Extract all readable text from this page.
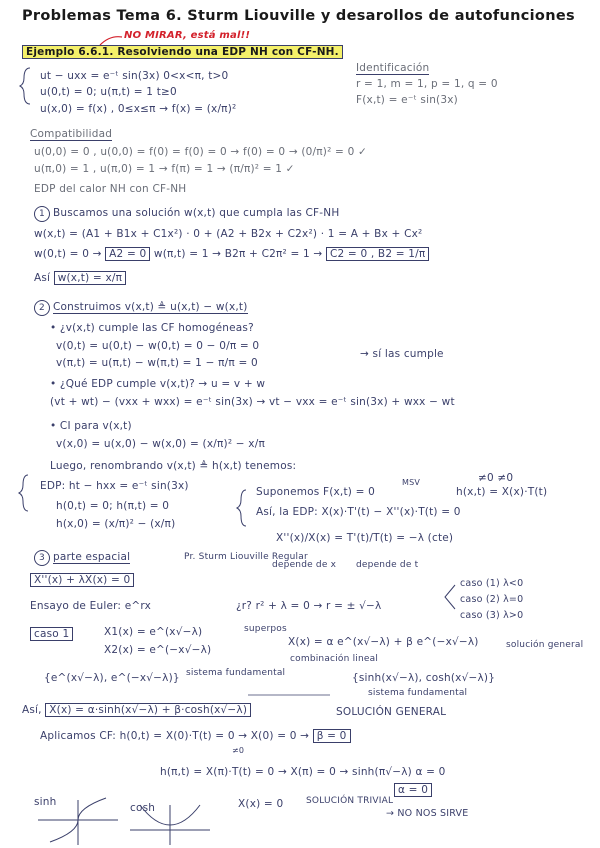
Problemas Tema 6. Sturm Liouville y desarollos de autofunciones
NO MIRAR, está mal!!
Ejemplo 6.6.1. Resolviendo una EDP NH con CF-NH.
ut − uxx = e⁻ᵗ sin(3x) 0<x<π, t>0
u(0,t) = 0; u(π,t) = 1 t≥0
u(x,0) = f(x) , 0≤x≤π → f(x) = (x/π)²
Identificación
r = 1, m = 1, p = 1, q = 0
F(x,t) = e⁻ᵗ sin(3x)
Compatibilidad
u(0,0) = 0 , u(0,0) = f(0) = f(0) = 0 → f(0) = 0 → (0/π)² = 0 ✓
u(π,0) = 1 , u(π,0) = 1 → f(π) = 1 → (π/π)² = 1 ✓
EDP del calor NH con CF-NH
1 Buscamos una solución w(x,t) que cumpla las CF-NH
w(x,t) = (A1 + B1x + C1x²) · 0 + (A2 + B2x + C2x²) · 1 = A + Bx + Cx²
w(0,t) = 0 → A2 = 0 w(π,t) = 1 → B2π + C2π² = 1 → C2 = 0 , B2 = 1/π
Así w(x,t) = x/π
2 Construimos v(x,t) ≜ u(x,t) − w(x,t)
• ¿v(x,t) cumple las CF homogéneas?
v(0,t) = u(0,t) − w(0,t) = 0 − 0/π = 0
v(π,t) = u(π,t) − w(π,t) = 1 − π/π = 0
→ sí las cumple
• ¿Qué EDP cumple v(x,t)? → u = v + w
(vt + wt) − (vxx + wxx) = e⁻ᵗ sin(3x) → vt − vxx = e⁻ᵗ sin(3x) + wxx − wt
• CI para v(x,t)
v(x,0) = u(x,0) − w(x,0) = (x/π)² − x/π
Luego, renombrando v(x,t) ≜ h(x,t) tenemos:
EDP: ht − hxx = e⁻ᵗ sin(3x)
h(0,t) = 0; h(π,t) = 0
h(x,0) = (x/π)² − (x/π)
≠0 ≠0
Suponemos F(x,t) = 0
MSV
h(x,t) = X(x)·T(t)
Así, la EDP: X(x)·T'(t) − X''(x)·T(t) = 0
X''(x)/X(x) = T'(t)/T(t) = −λ (cte)
depende de x depende de t
3 parte espacial	Pr. Sturm Liouville Regular
X''(x) + λX(x) = 0
Ensayo de Euler: e^rx	¿r? r² + λ = 0 → r = ± √−λ
caso (1) λ<0
caso (2) λ=0
caso (3) λ>0
caso 1	X1(x) = e^(x√−λ)
X2(x) = e^(−x√−λ)
superpos
X(x) = α e^(x√−λ) + β e^(−x√−λ)
combinación lineal
solución general
{e^(x√−λ), e^(−x√−λ)} sistema fundamental	{sinh(x√−λ), cosh(x√−λ)}
sistema fundamental
Así, X(x) = α·sinh(x√−λ) + β·cosh(x√−λ)	SOLUCIÓN GENERAL
Aplicamos CF: h(0,t) = X(0)·T(t) = 0 → X(0) = 0 → β = 0
≠0
h(π,t) = X(π)·T(t) = 0 → X(π) = 0 → sinh(π√−λ) α = 0
α = 0
sinh	cosh	X(x) = 0	SOLUCIÓN TRIVIAL
→ NO NOS SIRVE
